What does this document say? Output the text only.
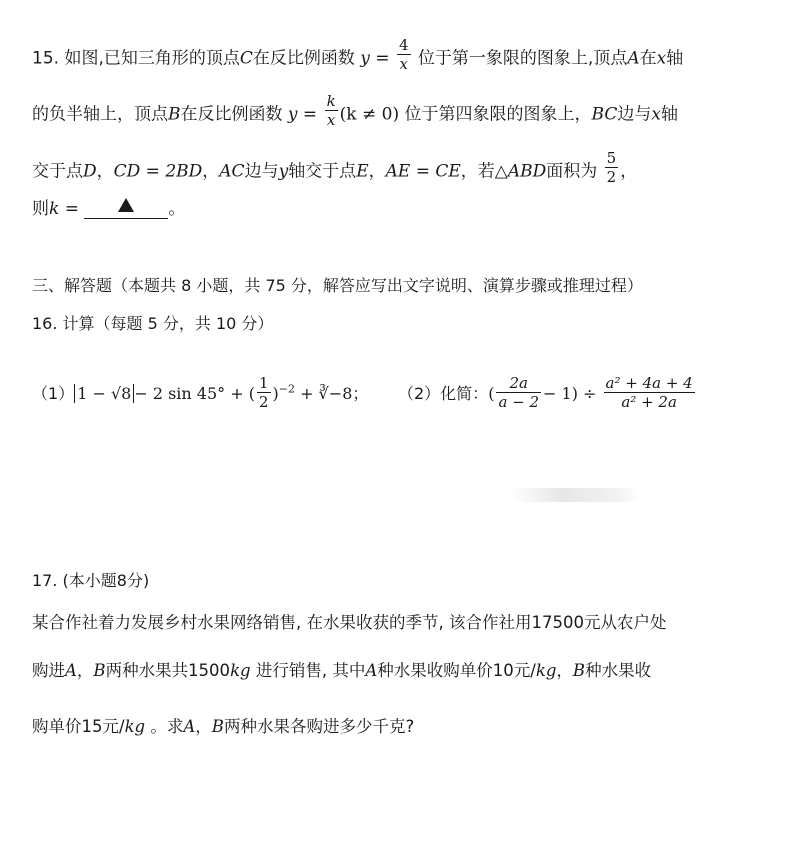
15. 如图,已知三角形的顶点C在反比例函数 $y = \frac{4}{x}$ 位于第一象限的图象上,顶点A在x轴
的负半轴上，顶点B在反比例函数 $y = \frac{k}{x} (k \ne 0)$ 位于第四象限的图象上，BC边与x轴
交于点D，CD = 2BD，AC边与y轴交于点E，AE = CE，若△ABD面积为 $\frac{5}{2}$ ，
则k =	。
三、解答题（本题共 8 小题，共 75 分，解答应写出文字说明、演算步骤或推理过程）
16. 计算（每题 5 分，共 10 分）
（1） 1 − √8 − 2 sin 45° + ( $\frac{1}{2} )^{-2}$ + ∛−8； （2）化简：( $\frac{2a}{a - 2} - 1) \div \frac{\text{a² + 4a + 4}}{\text{a² + 2a}}$
17. (本小题8分)
某合作社着力发展乡村水果网络销售, 在水果收获的季节, 该合作社用17500元从农户处
购进A，B两种水果共1500kg 进行销售, 其中A种水果收购单价10元/kg，B种水果收
购单价15元/kg 。求A，B两种水果各购进多少千克?
